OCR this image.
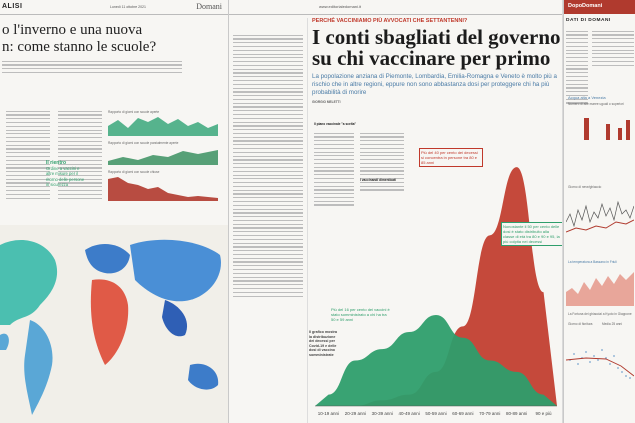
ALISI	Lunedì 11 ottobre 2021	Domani
o l'inverno e una nuova
n: come stanno le scuole?
Rapporto di giorni con scuole aperte
Rapporto di giorni con scuole parzialmente aperte
Rapporto di giorni con scuole chiuse
Il rientro
Ordine a vaccini e altre misure per il ritorno delle persone in sicurezza
www.editorialedomani.it
PERCHÉ VACCINIAMO PIÙ AVVOCATI CHE SETTANTENNI?
I conti sbagliati del governo
su chi vaccinare per primo
La popolazione anziana di Piemonte, Lombardia, Emilia-Romagna e Veneto è molto più a rischio che in altre regioni, eppure non sono abbastanza dosi per proteggere chi ha più probabilità di morire
GIORGIO MELETTI
I vaccinandi dimenticati
Il piano vaccinale "a scelta"
10-19 anni 20-29 anni 30-39 anni 40-49 anni 50-59 anni 60-69 anni 70-79 anni 80-89 anni 90 e più
Più del 40 per cento dei decessi si concentra in persone tra 80 e 85 anni
Nonostante il 50 per cento delle dosi è stato distribuito alla classe di età tra 80 e 90 e 95, la più colpita nei decessi
Più del 16 per cento dei vaccini è stato somministrato a chi ha tra 50 e 59 anni
Il grafico mostra la distribuzione dei decessi per Covid-19 e delle dosi di vaccino somministrate
DopoDomani
DATI DI DOMANI
Acqua alta a Venezia
Numero di alte maree uguali o superiori
Giorno di neve/ghiaccio
La temperatura a Bassano in Friuli
La Fortuna dei ghiacciai a Kyoto in Giappone
Giorno di fioritura	Media 25 anni
